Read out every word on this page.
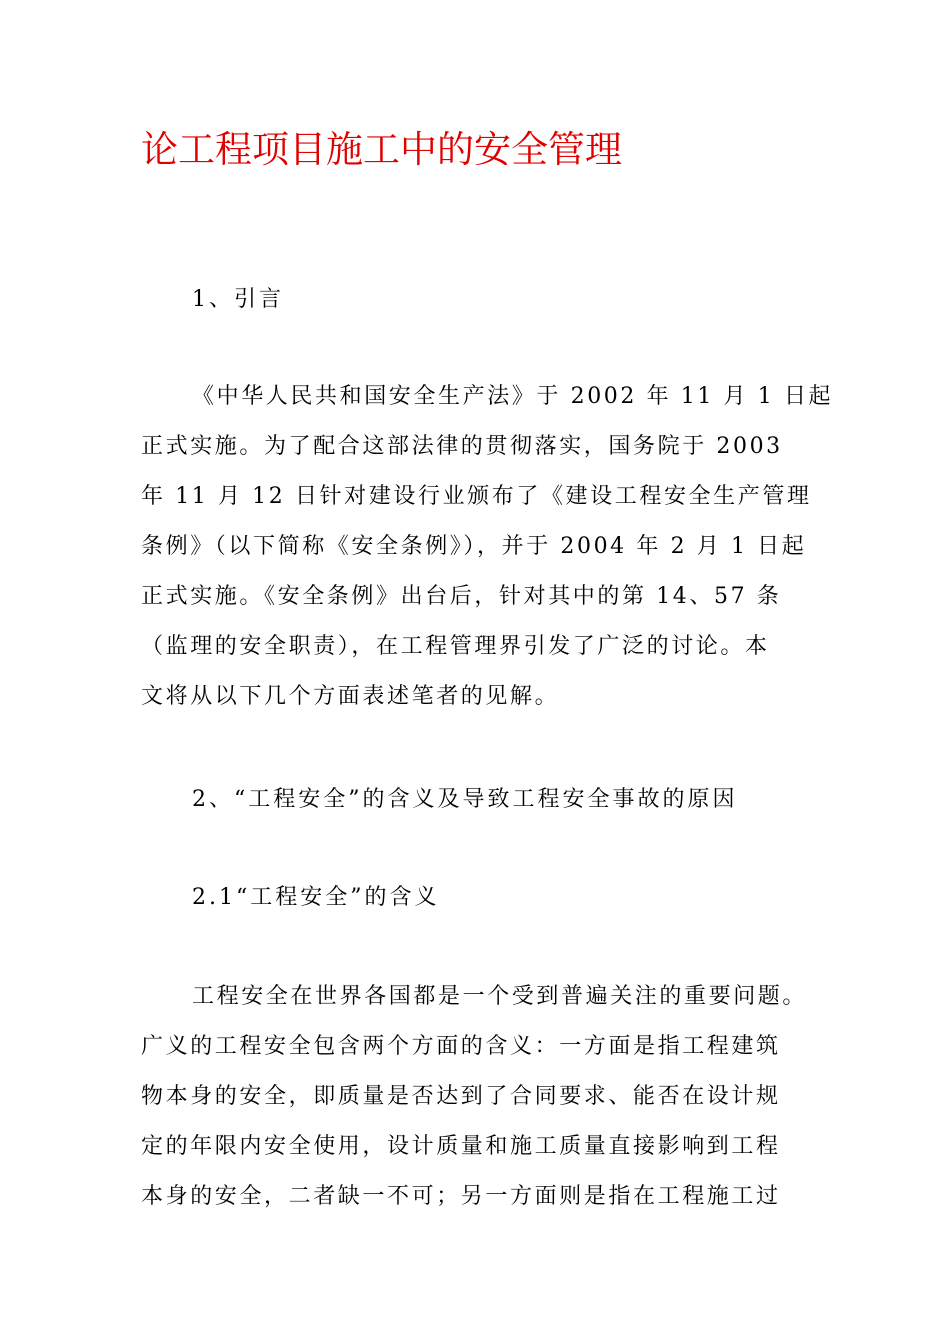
论工程项目施工中的安全管理
1、引言
《中华人民共和国安全生产法》于 2002 年 11 月 1 日起
正式实施。为了配合这部法律的贯彻落实，国务院于 2003
年 11 月 12 日针对建设行业颁布了《建设工程安全生产管理
条例》（以下简称《安全条例》），并于 2004 年 2 月 1 日起
正式实施。《安全条例》出台后，针对其中的第 14、57 条
（监理的安全职责），在工程管理界引发了广泛的讨论。本
文将从以下几个方面表述笔者的见解。
2、“工程安全”的含义及导致工程安全事故的原因
2.1“工程安全”的含义
工程安全在世界各国都是一个受到普遍关注的重要问题。
广义的工程安全包含两个方面的含义：一方面是指工程建筑
物本身的安全，即质量是否达到了合同要求、能否在设计规
定的年限内安全使用，设计质量和施工质量直接影响到工程
本身的安全，二者缺一不可；另一方面则是指在工程施工过
